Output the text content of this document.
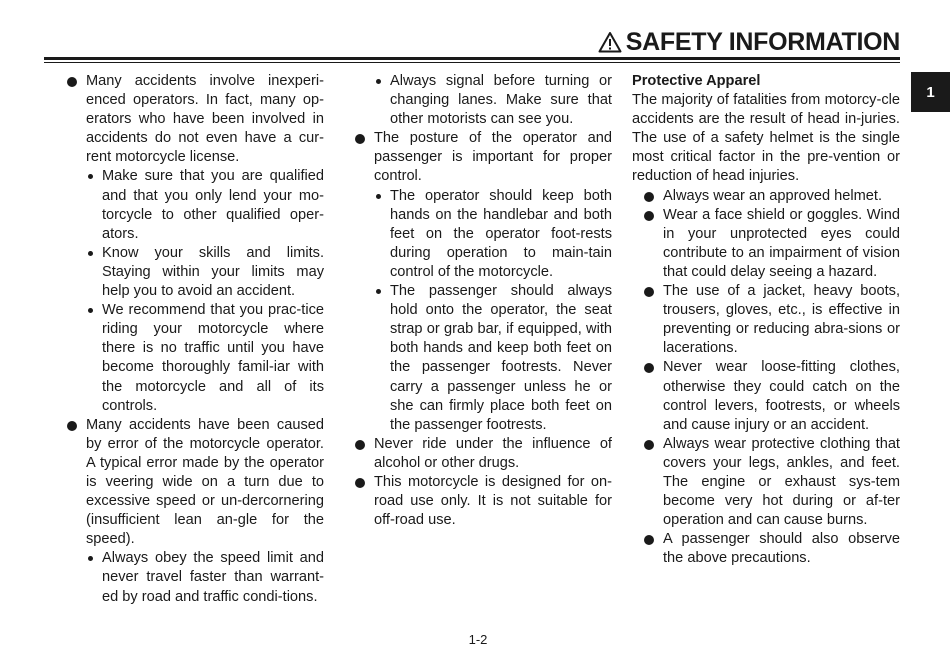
SAFETY INFORMATION
1
Many accidents involve inexperi-enced operators. In fact, many op-erators who have been involved in accidents do not even have a cur-rent motorcycle license.
Make sure that you are qualified and that you only lend your mo-torcycle to other qualified oper-ators.
Know your skills and limits. Staying within your limits may help you to avoid an accident.
We recommend that you prac-tice riding your motorcycle where there is no traffic until you have become thoroughly famil-iar with the motorcycle and all of its controls.
Many accidents have been caused by error of the motorcycle operator. A typical error made by the operator is veering wide on a turn due to excessive speed or un-dercornering (insufficient lean an-gle for the speed).
Always obey the speed limit and never travel faster than warrant-ed by road and traffic condi-tions.
Always signal before turning or changing lanes. Make sure that other motorists can see you.
The posture of the operator and passenger is important for proper control.
The operator should keep both hands on the handlebar and both feet on the operator foot-rests during operation to main-tain control of the motorcycle.
The passenger should always hold onto the operator, the seat strap or grab bar, if equipped, with both hands and keep both feet on the passenger footrests. Never carry a passenger unless he or she can firmly place both feet on the passenger footrests.
Never ride under the influence of alcohol or other drugs.
This motorcycle is designed for on-road use only. It is not suitable for off-road use.
Protective Apparel
The majority of fatalities from motorcy-cle accidents are the result of head in-juries. The use of a safety helmet is the single most critical factor in the pre-vention or reduction of head injuries.
Always wear an approved helmet.
Wear a face shield or goggles. Wind in your unprotected eyes could contribute to an impairment of vision that could delay seeing a hazard.
The use of a jacket, heavy boots, trousers, gloves, etc., is effective in preventing or reducing abra-sions or lacerations.
Never wear loose-fitting clothes, otherwise they could catch on the control levers, footrests, or wheels and cause injury or an accident.
Always wear protective clothing that covers your legs, ankles, and feet. The engine or exhaust sys-tem become very hot during or af-ter operation and can cause burns.
A passenger should also observe the above precautions.
1-2
